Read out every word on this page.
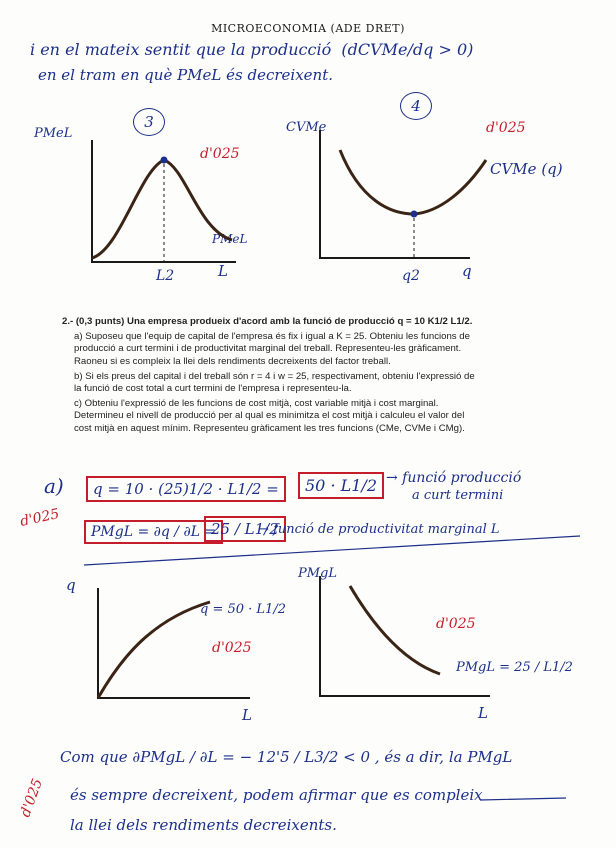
MICROECONOMIA (ADE DRET)
i en el mateix sentit que la producció  (dCVMe/dq > 0)
en el tram en què PMeL és decreixent.
3
4
PMeL
L
PMeL
L2
d'025
CVMe
q
CVMe (q)
q2
d'025
2.- (0,3 punts) Una empresa produeix d'acord amb la funció de producció q = 10 K1/2 L1/2.
a) Suposeu que l'equip de capital de l'empresa és fix i igual a K = 25. Obteniu les funcions de
producció a curt termini i de productivitat marginal del treball. Representeu-les gràficament.
Raoneu si es compleix la llei dels rendiments decreixents del factor treball.
b) Si els preus del capital i del treball són r = 4 i w = 25, respectivament, obteniu l'expressió de
la funció de cost total a curt termini de l'empresa i representeu-la.
c) Obteniu l'expressió de les funcions de cost mitjà, cost variable mitjà i cost marginal.
Determineu el nivell de producció per al qual es minimitza el cost mitjà i calculeu el valor del
cost mitjà en aquest mínim. Representeu gràficament les tres funcions (CMe, CVMe i CMg).
a)	q = 10 · (25)1/2 · L1/2 =	50 · L1/2 → funció producció
a curt termini
d'025
PMgL = ∂q / ∂L =
25 / L1/2
→ funció de productivitat marginal L
q
L
q = 50 · L1/2
d'025
PMgL
L
PMgL = 25 / L1/2
d'025
Com que ∂PMgL / ∂L = − 12'5 / L3/2 < 0 , és a dir, la PMgL
és sempre decreixent, podem afirmar que es compleix
la llei dels rendiments decreixents.
d'025
